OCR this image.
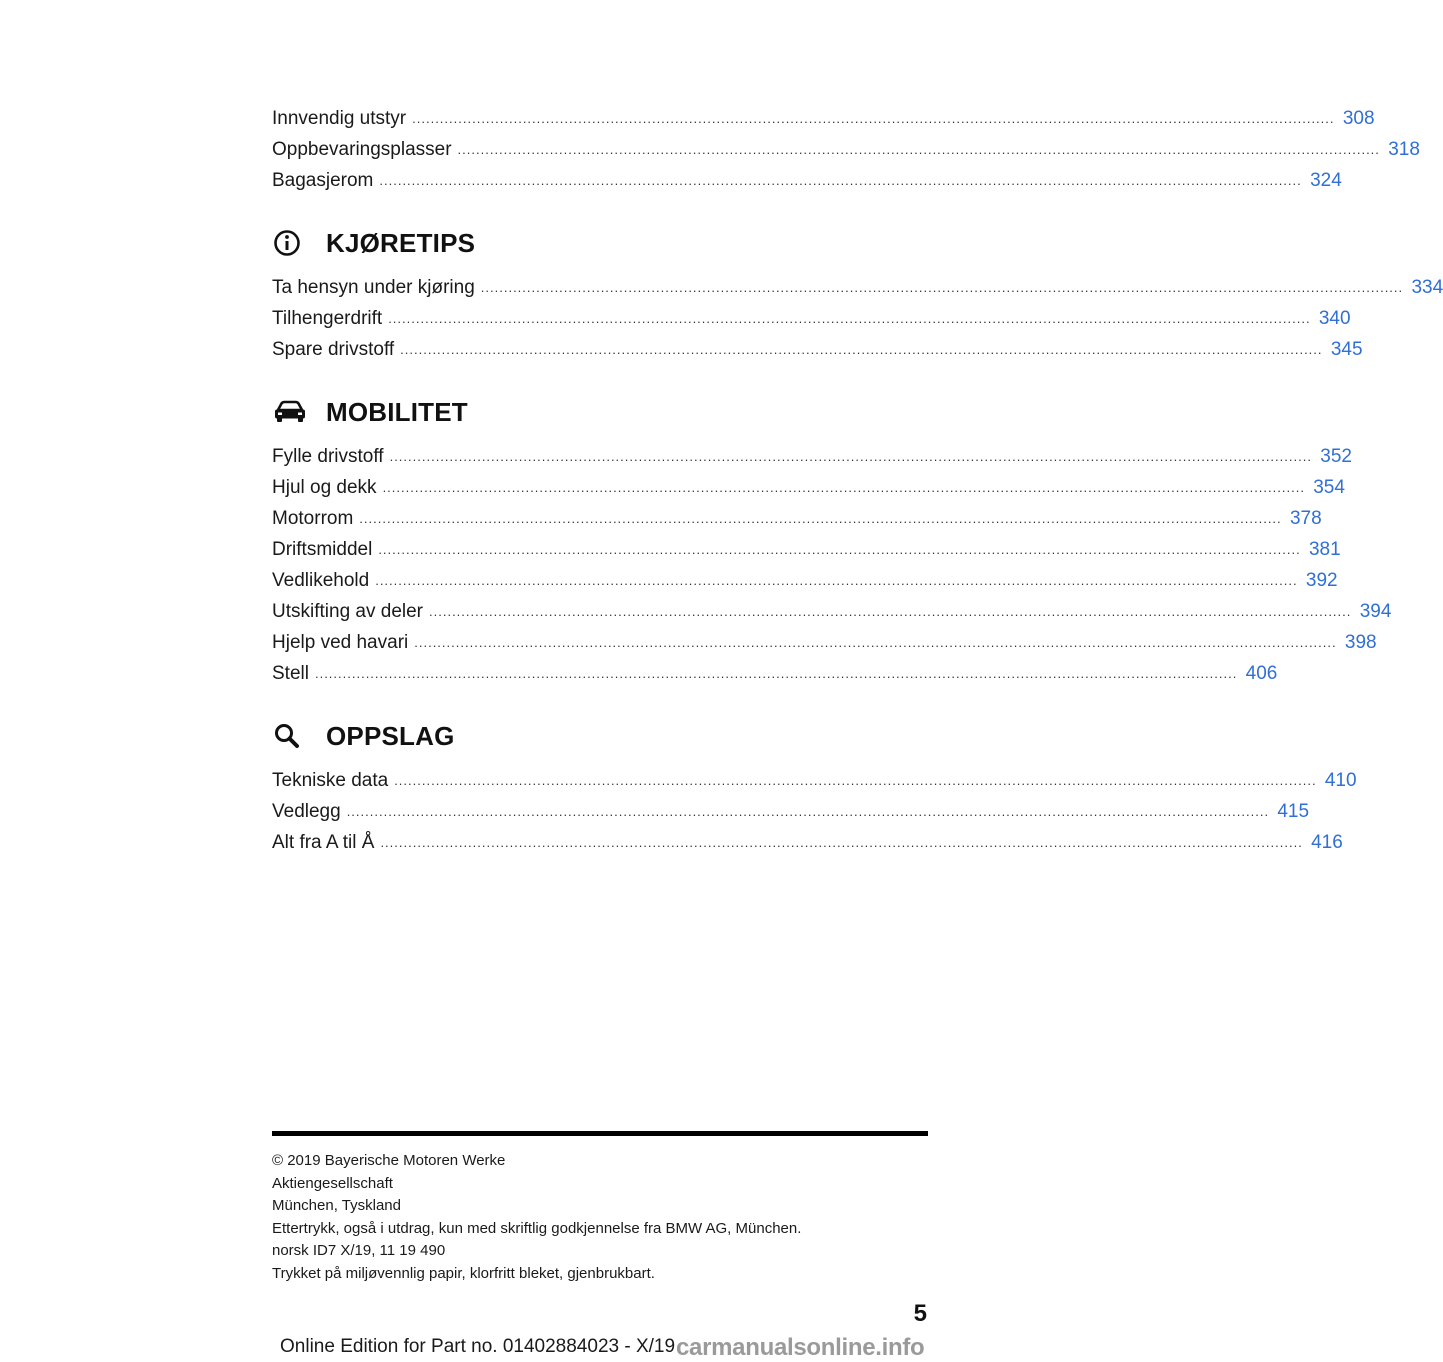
Innvendig utstyr ........................................................................................................................................................................................................ 308
Oppbevaringsplasser ........................................................................................................................................................................................................ 318
Bagasjerom ........................................................................................................................................................................................................ 324
KJØRETIPS
Ta hensyn under kjøring ........................................................................................................................................................................................................ 334
Tilhengerdrift ........................................................................................................................................................................................................ 340
Spare drivstoff ........................................................................................................................................................................................................ 345
MOBILITET
Fylle drivstoff ........................................................................................................................................................................................................ 352
Hjul og dekk ........................................................................................................................................................................................................ 354
Motorrom ........................................................................................................................................................................................................ 378
Driftsmiddel ........................................................................................................................................................................................................ 381
Vedlikehold ........................................................................................................................................................................................................ 392
Utskifting av deler ........................................................................................................................................................................................................ 394
Hjelp ved havari ........................................................................................................................................................................................................ 398
Stell ........................................................................................................................................................................................................ 406
OPPSLAG
Tekniske data ........................................................................................................................................................................................................ 410
Vedlegg ........................................................................................................................................................................................................ 415
Alt fra A til Å ........................................................................................................................................................................................................ 416
© 2019 Bayerische Motoren Werke
Aktiengesellschaft
München, Tyskland
Ettertrykk, også i utdrag, kun med skriftlig godkjennelse fra BMW AG, München.
norsk ID7 X/19, 11 19 490
Trykket på miljøvennlig papir, klorfritt bleket, gjenbrukbart.
5
Online Edition for Part no. 01402884023 - X/19 carmanualsonline.info
